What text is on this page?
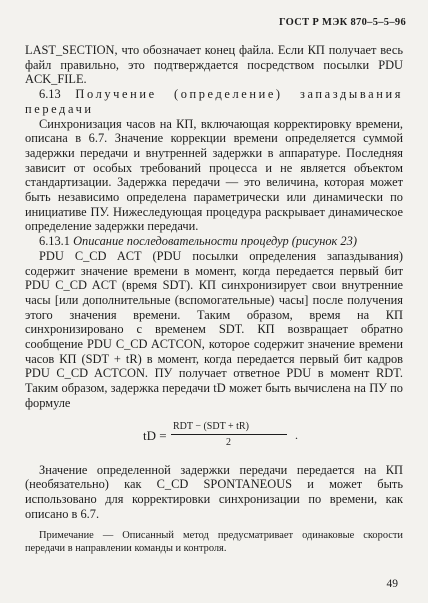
ГОСТ Р МЭК 870–5–5–96

LAST_SECTION, что обозначает конец файла. Если КП получает весь файл правильно, это подтверждается посредством посылки PDU ACK_FILE.

6.13 Получение (определение) запаздывания передачи

Синхронизация часов на КП, включающая корректировку времени, описана в 6.7. Значение коррекции времени определяется суммой задержки передачи и внутренней задержки в аппаратуре. Последняя зависит от особых требований процесса и не является объектом стандартизации. Задержка передачи — это величина, которая может быть независимо определена параметрически или динамически по инициативе ПУ. Нижеследующая процедура раскрывает динамическое определение задержки передачи.

6.13.1 Описание последовательности процедур (рисунок 23)

PDU C_CD ACT (PDU посылки определения запаздывания) содержит значение времени в момент, когда передается первый бит PDU C_CD ACT (время SDT). КП синхронизирует свои внутренние часы [или дополнительные (вспомогательные) часы] после получения этого значения времени. Таким образом, время на КП синхронизировано с временем SDT. КП возвращает обратно сообщение PDU C_CD ACTCON, которое содержит значение времени часов КП (SDT + tR) в момент, когда передается первый бит кадров PDU C_CD ACTCON. ПУ получает ответное PDU в момент RDT. Таким образом, задержка передачи tD может быть вычислена на ПУ по формуле

tD =
RDT − (SDT + tR)
2
.

Значение определенной задержки передачи передается на КП (необязательно) как C_CD SPONTANEOUS и может быть использовано для корректировки синхронизации по времени, как описано в 6.7.

Примечание — Описанный метод предусматривает одинаковые скорости передачи в направлении команды и контроля.

49
